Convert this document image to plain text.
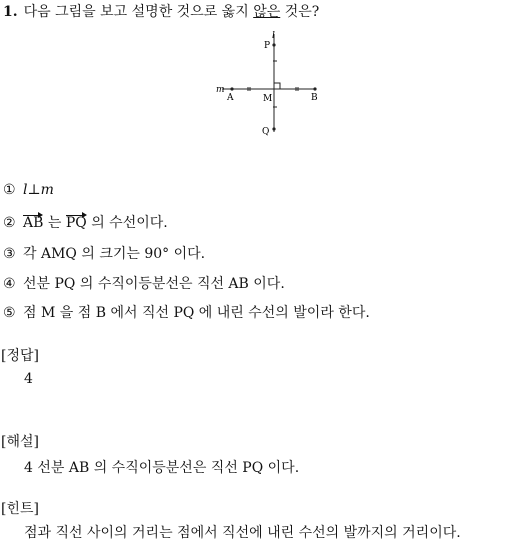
1. 다음 그림을 보고 설명한 것으로 옳지 않은 것은?
l
P
m
A	M	B
Q
① l⊥m
② AB 는 PQ 의 수선이다.
③ 각 AMQ 의 크기는 90° 이다.
④ 선분 PQ 의 수직이등분선은 직선 AB 이다.
⑤ 점 M 을 점 B 에서 직선 PQ 에 내린 수선의 발이라 한다.
[정답]
4
[해설]
4 선분 AB 의 수직이등분선은 직선 PQ 이다.
[힌트]
점과 직선 사이의 거리는 점에서 직선에 내린 수선의 발까지의 거리이다.
